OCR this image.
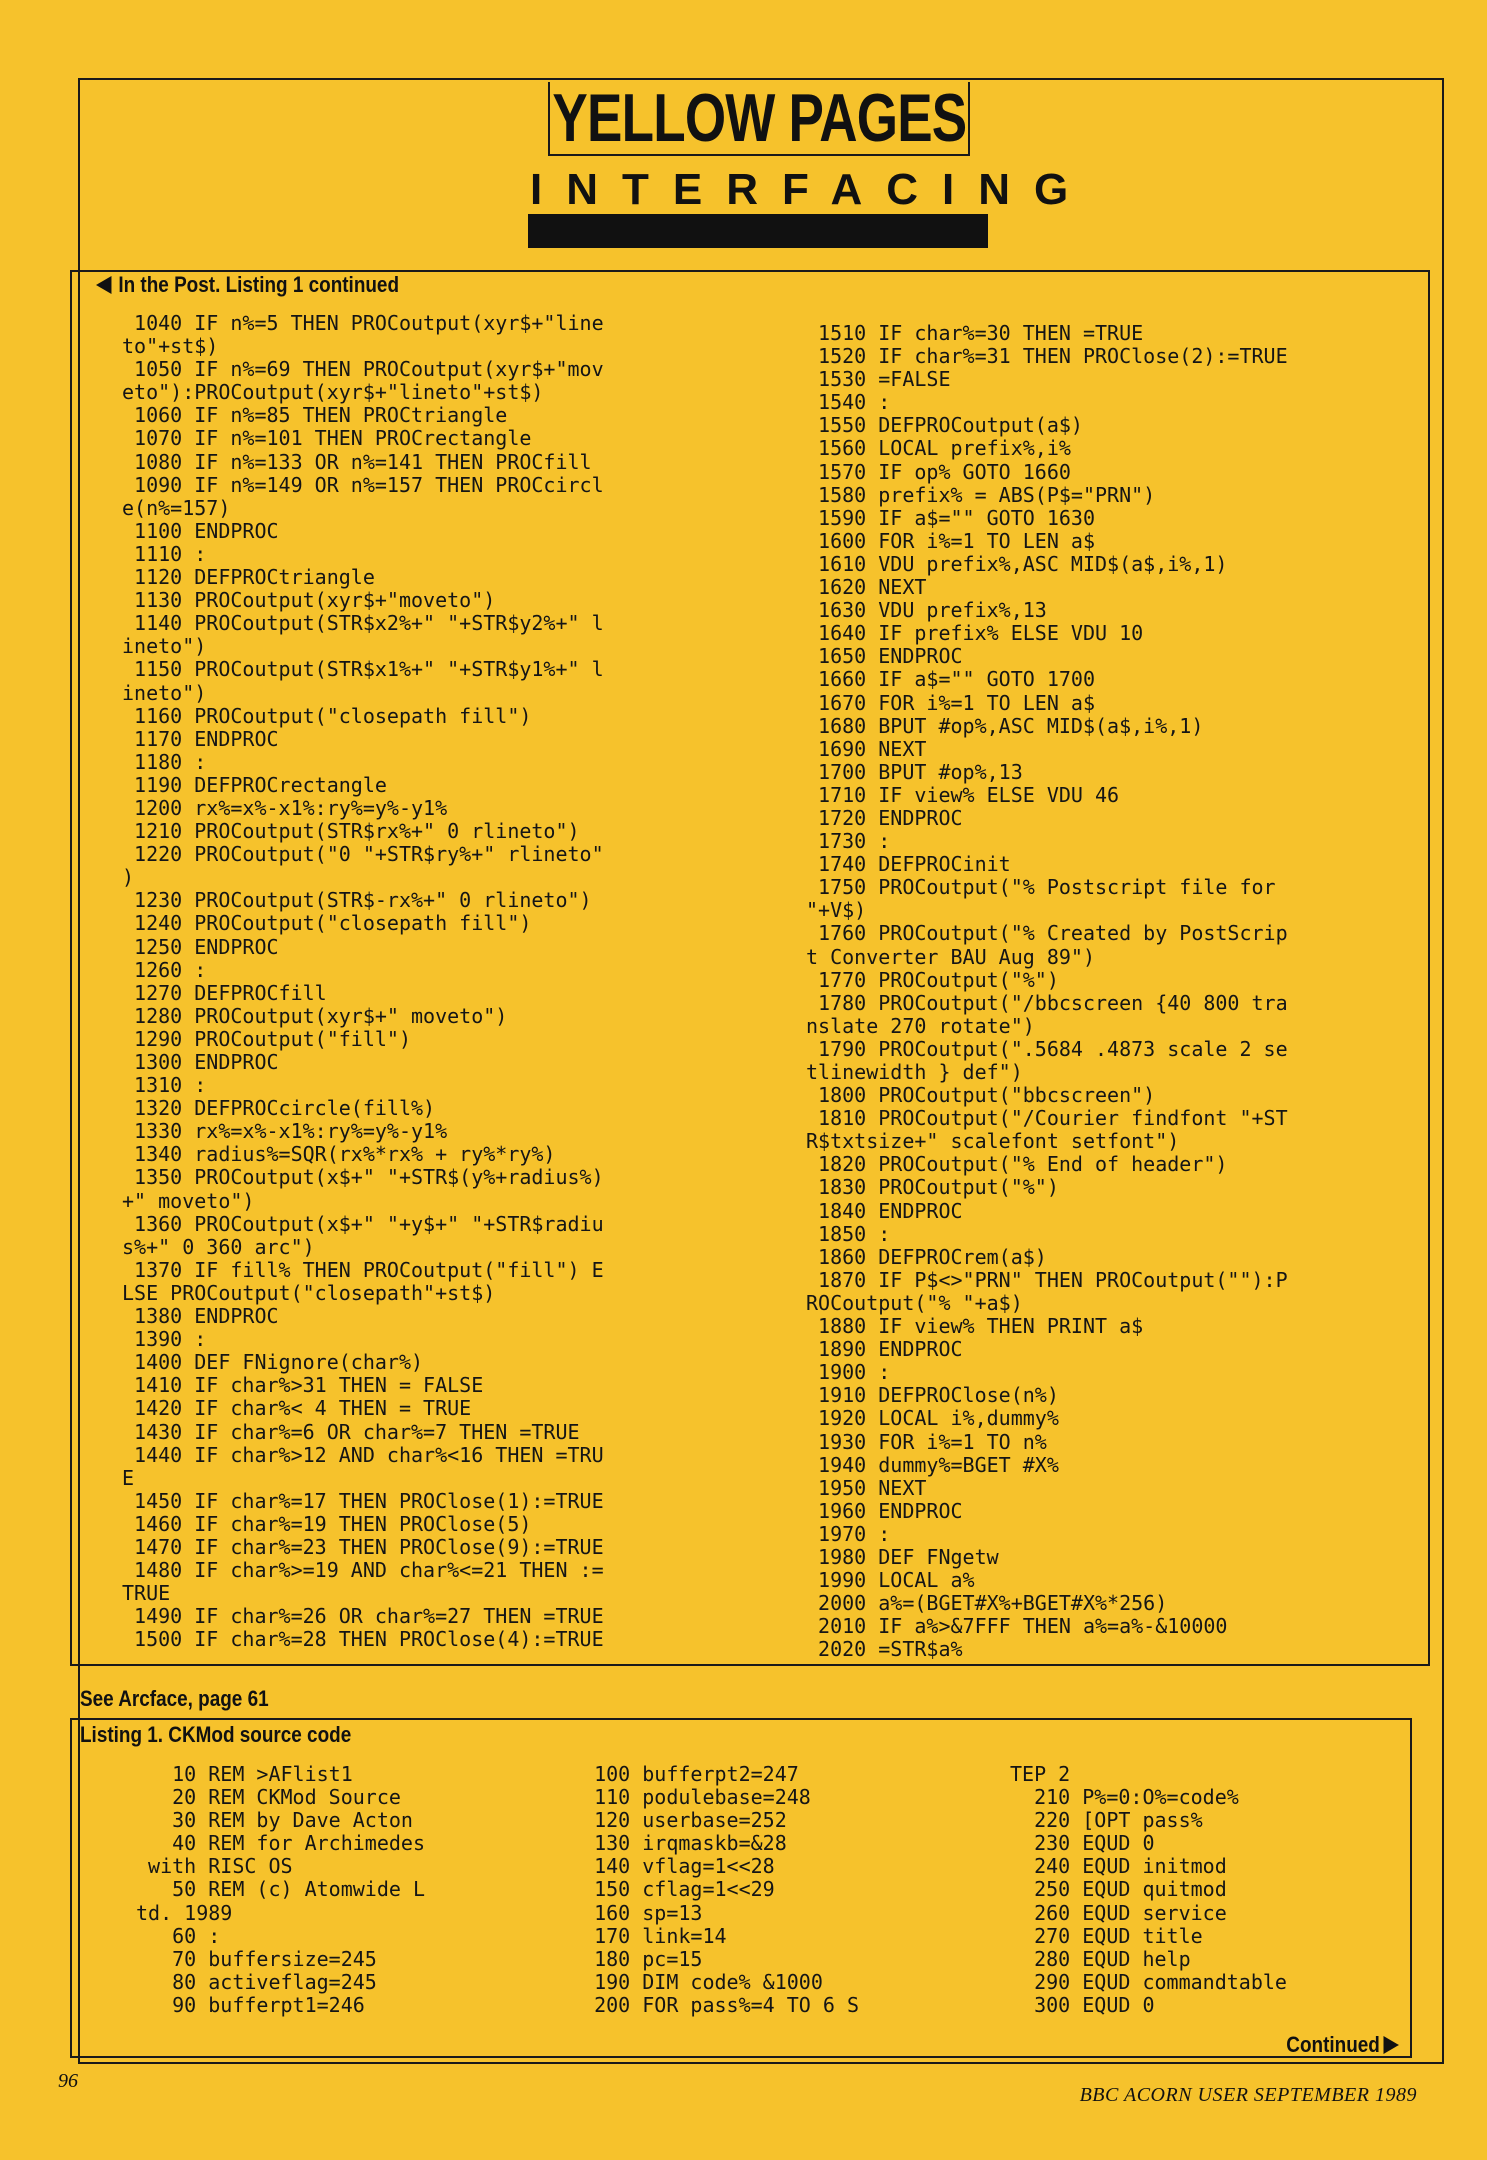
YELLOW PAGES
INTERFACING
In the Post. Listing 1 continued
1040 IF n%=5 THEN PROCoutput(xyr$+"line
to"+st$)
1050 IF n%=69 THEN PROCoutput(xyr$+"mov
eto"):PROCoutput(xyr$+"lineto"+st$)
1060 IF n%=85 THEN PROCtriangle
1070 IF n%=101 THEN PROCrectangle
1080 IF n%=133 OR n%=141 THEN PROCfill
1090 IF n%=149 OR n%=157 THEN PROCcircl
e(n%=157)
1100 ENDPROC
1110 :
1120 DEFPROCtriangle
1130 PROCoutput(xyr$+"moveto")
1140 PROCoutput(STR$x2%+" "+STR$y2%+" l
ineto")
1150 PROCoutput(STR$x1%+" "+STR$y1%+" l
ineto")
1160 PROCoutput("closepath fill")
1170 ENDPROC
1180 :
1190 DEFPROCrectangle
1200 rx%=x%-x1%:ry%=y%-y1%
1210 PROCoutput(STR$rx%+" 0 rlineto")
1220 PROCoutput("0 "+STR$ry%+" rlineto"
)
1230 PROCoutput(STR$-rx%+" 0 rlineto")
1240 PROCoutput("closepath fill")
1250 ENDPROC
1260 :
1270 DEFPROCfill
1280 PROCoutput(xyr$+" moveto")
1290 PROCoutput("fill")
1300 ENDPROC
1310 :
1320 DEFPROCcircle(fill%)
1330 rx%=x%-x1%:ry%=y%-y1%
1340 radius%=SQR(rx%*rx% + ry%*ry%)
1350 PROCoutput(x$+" "+STR$(y%+radius%)
+" moveto")
1360 PROCoutput(x$+" "+y$+" "+STR$radiu
s%+" 0 360 arc")
1370 IF fill% THEN PROCoutput("fill") E
LSE PROCoutput("closepath"+st$)
1380 ENDPROC
1390 :
1400 DEF FNignore(char%)
1410 IF char%>31 THEN = FALSE
1420 IF char%< 4 THEN = TRUE
1430 IF char%=6 OR char%=7 THEN =TRUE
1440 IF char%>12 AND char%<16 THEN =TRU
E
1450 IF char%=17 THEN PROClose(1):=TRUE
1460 IF char%=19 THEN PROClose(5)
1470 IF char%=23 THEN PROClose(9):=TRUE
1480 IF char%>=19 AND char%<=21 THEN :=
TRUE
1490 IF char%=26 OR char%=27 THEN =TRUE
1500 IF char%=28 THEN PROClose(4):=TRUE
1510 IF char%=30 THEN =TRUE
1520 IF char%=31 THEN PROClose(2):=TRUE
1530 =FALSE
1540 :
1550 DEFPROCoutput(a$)
1560 LOCAL prefix%,i%
1570 IF op% GOTO 1660
1580 prefix% = ABS(P$="PRN")
1590 IF a$="" GOTO 1630
1600 FOR i%=1 TO LEN a$
1610 VDU prefix%,ASC MID$(a$,i%,1)
1620 NEXT
1630 VDU prefix%,13
1640 IF prefix% ELSE VDU 10
1650 ENDPROC
1660 IF a$="" GOTO 1700
1670 FOR i%=1 TO LEN a$
1680 BPUT #op%,ASC MID$(a$,i%,1)
1690 NEXT
1700 BPUT #op%,13
1710 IF view% ELSE VDU 46
1720 ENDPROC
1730 :
1740 DEFPROCinit
1750 PROCoutput("% Postscript file for
"+V$)
1760 PROCoutput("% Created by PostScrip
t Converter BAU Aug 89")
1770 PROCoutput("%")
1780 PROCoutput("/bbcscreen {40 800 tra
nslate 270 rotate")
1790 PROCoutput(".5684 .4873 scale 2 se
tlinewidth } def")
1800 PROCoutput("bbcscreen")
1810 PROCoutput("/Courier findfont "+ST
R$txtsize+" scalefont setfont")
1820 PROCoutput("% End of header")
1830 PROCoutput("%")
1840 ENDPROC
1850 :
1860 DEFPROCrem(a$)
1870 IF P$<>"PRN" THEN PROCoutput(""):P
ROCoutput("% "+a$)
1880 IF view% THEN PRINT a$
1890 ENDPROC
1900 :
1910 DEFPROClose(n%)
1920 LOCAL i%,dummy%
1930 FOR i%=1 TO n%
1940 dummy%=BGET #X%
1950 NEXT
1960 ENDPROC
1970 :
1980 DEF FNgetw
1990 LOCAL a%
2000 a%=(BGET#X%+BGET#X%*256)
2010 IF a%>&7FFF THEN a%=a%-&10000
2020 =STR$a%
See Arcface, page 61
Listing 1. CKMod source code
10 REM >AFlist1
20 REM CKMod Source
30 REM by Dave Acton
40 REM for Archimedes
with RISC OS
50 REM (c) Atomwide L
td. 1989
60 :
70 buffersize=245
80 activeflag=245
90 bufferpt1=246
100 bufferpt2=247
110 podulebase=248
120 userbase=252
130 irqmaskb=&28
140 vflag=1<<28
150 cflag=1<<29
160 sp=13
170 link=14
180 pc=15
190 DIM code% &1000
200 FOR pass%=4 TO 6 S
TEP 2
210 P%=0:O%=code%
220 [OPT pass%
230 EQUD 0
240 EQUD initmod
250 EQUD quitmod
260 EQUD service
270 EQUD title
280 EQUD help
290 EQUD commandtable
300 EQUD 0
Continued
96
BBC ACORN USER SEPTEMBER 1989
